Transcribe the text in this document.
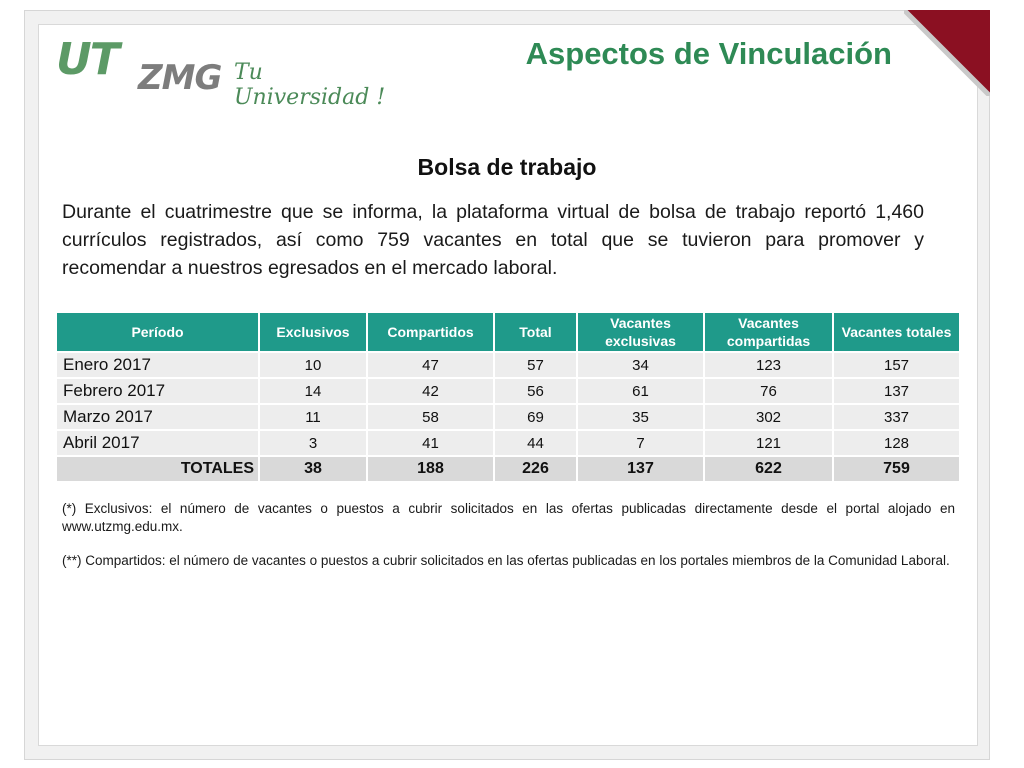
UT ZMG Tu Universidad !
Aspectos de Vinculación
Bolsa de trabajo

Durante el cuatrimestre que se informa, la plataforma virtual de bolsa de trabajo reportó 1,460 currículos registrados, así como 759 vacantes en total que se tuvieron para promover y recomendar a nuestros egresados en el mercado laboral.

Período	Exclusivos	Compartidos	Total	Vacantes exclusivas	Vacantes compartidas	Vacantes totales
Enero 2017	10	47	57	34	123	157
Febrero 2017	14	42	56	61	76	137
Marzo 2017	11	58	69	35	302	337
Abril 2017	3	41	44	7	121	128
TOTALES	38	188	226	137	622	759

(*) Exclusivos: el número de vacantes o puestos a cubrir solicitados en las ofertas publicadas directamente desde el portal alojado en www.utzmg.edu.mx.

(**) Compartidos: el número de vacantes o puestos a cubrir solicitados en las ofertas publicadas en los portales miembros de la Comunidad Laboral.
